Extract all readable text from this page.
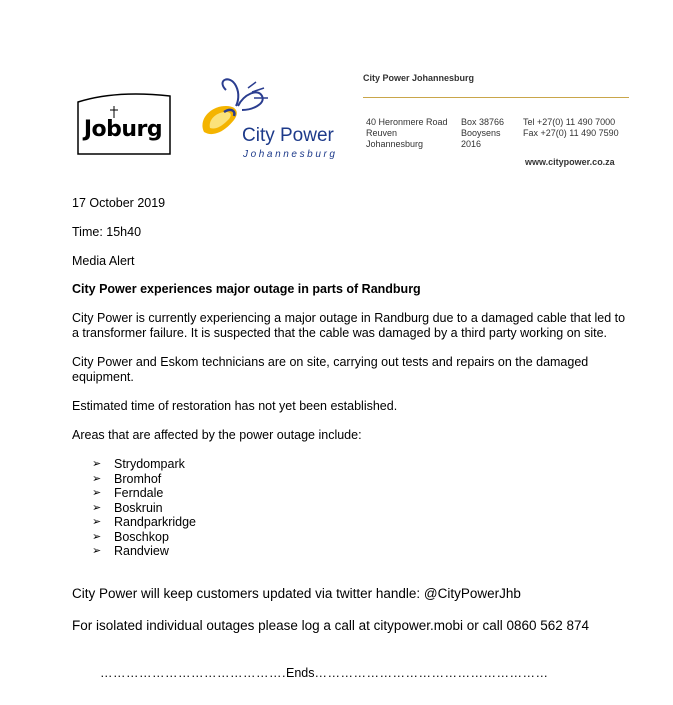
Joburg	City Power
Johannesburg
City Power Johannesburg
40 Heronmere Road
Reuven
Johannesburg
Box 38766
Booysens
2016
Tel +27(0) 11 490 7000
Fax +27(0) 11 490 7590
www.citypower.co.za
17 October 2019
Time: 15h40
Media Alert
City Power experiences major outage in parts of Randburg
City Power is currently experiencing a major outage in Randburg due to a damaged cable that led to a transformer failure. It is suspected that the cable was damaged by a third party working on site.
City Power and Eskom technicians are on site, carrying out tests and repairs on the damaged equipment.
Estimated time of restoration has not yet been established.
Areas that are affected by the power outage include:
➢	Strydompark
➢	Bromhof
➢	Ferndale
➢	Boskruin
➢	Randparkridge
➢	Boschkop
➢	Randview
City Power will keep customers updated via twitter handle: @CityPowerJhb
For isolated individual outages please log a call at citypower.mobi or call 0860 562 874
…………………………………….Ends………………………………………………
